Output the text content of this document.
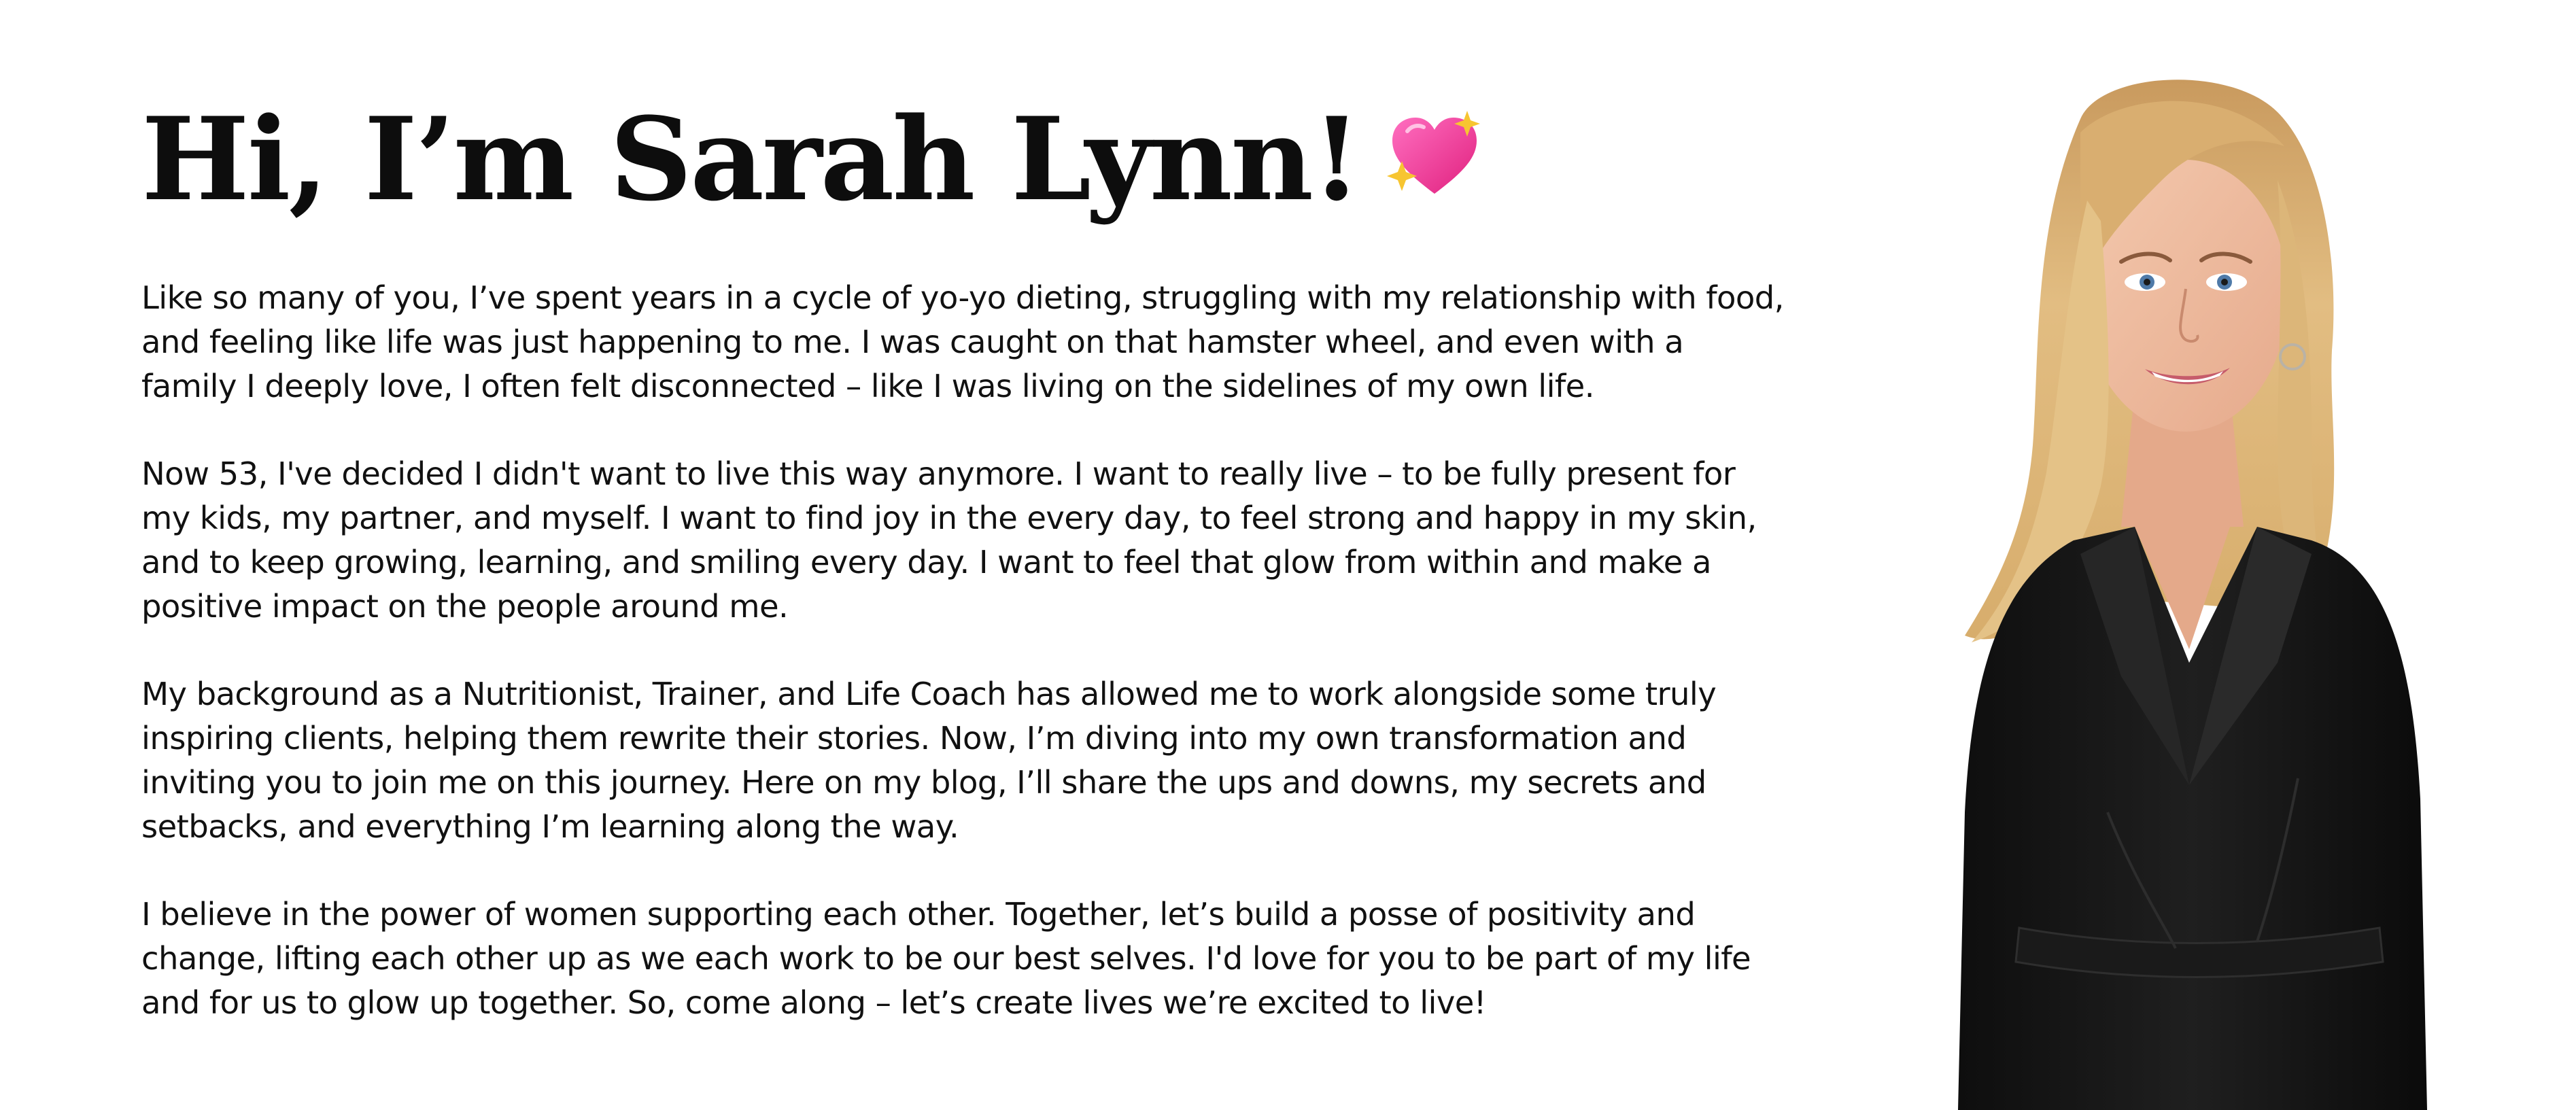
Hi, I’m Sarah Lynn!

Like so many of you, I’ve spent years in a cycle of yo-yo dieting, struggling with my relationship with food, and feeling like life was just happening to me. I was caught on that hamster wheel, and even with a family I deeply love, I often felt disconnected – like I was living on the sidelines of my own life.

Now 53, I've decided I didn't want to live this way anymore. I want to really live – to be fully present for my kids, my partner, and myself. I want to find joy in the every day, to feel strong and happy in my skin, and to keep growing, learning, and smiling every day. I want to feel that glow from within and make a positive impact on the people around me.

My background as a Nutritionist, Trainer, and Life Coach has allowed me to work alongside some truly inspiring clients, helping them rewrite their stories. Now, I’m diving into my own transformation and inviting you to join me on this journey. Here on my blog, I’ll share the ups and downs, my secrets and setbacks, and everything I’m learning along the way.

I believe in the power of women supporting each other. Together, let’s build a posse of positivity and change, lifting each other up as we each work to be our best selves. I'd love for you to be part of my life and for us to glow up together. So, come along – let’s create lives we’re excited to live!
